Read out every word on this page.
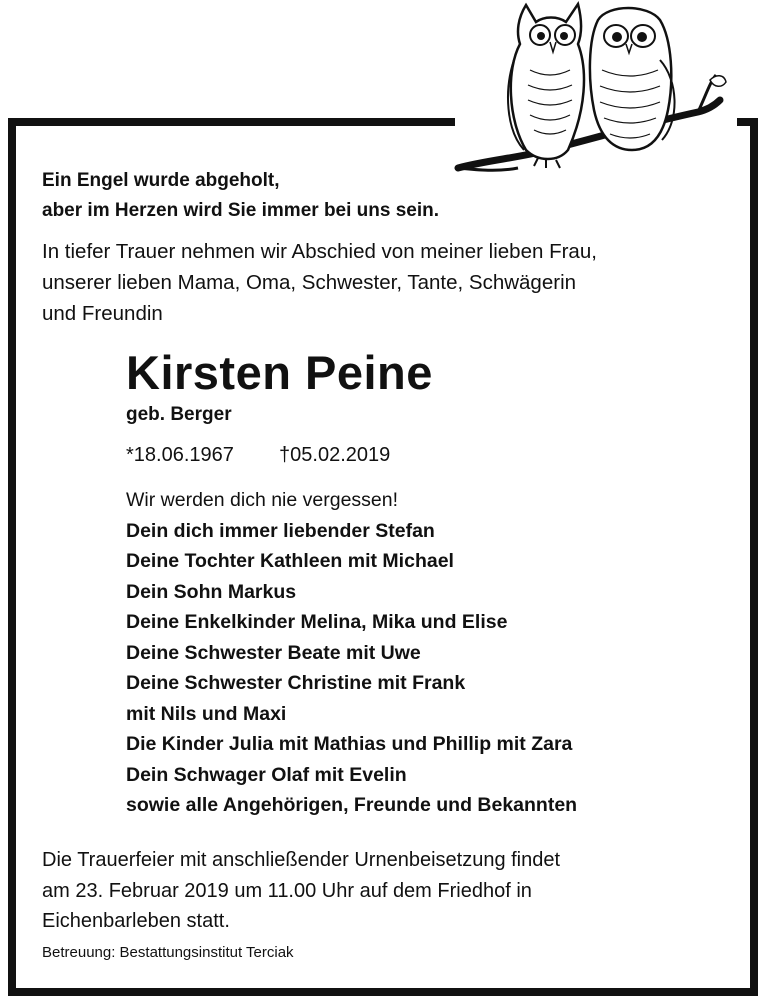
Ein Engel wurde abgeholt,
aber im Herzen wird Sie immer bei uns sein.
In tiefer Trauer nehmen wir Abschied von meiner lieben Frau,
unserer lieben Mama, Oma, Schwester, Tante, Schwägerin
und Freundin
Kirsten Peine
geb. Berger
*18.06.1967 †05.02.2019
Wir werden dich nie vergessen!
Dein dich immer liebender Stefan
Deine Tochter Kathleen mit Michael
Dein Sohn Markus
Deine Enkelkinder Melina, Mika und Elise
Deine Schwester Beate mit Uwe
Deine Schwester Christine mit Frank
mit Nils und Maxi
Die Kinder Julia mit Mathias und Phillip mit Zara
Dein Schwager Olaf mit Evelin
sowie alle Angehörigen, Freunde und Bekannten
Die Trauerfeier mit anschließender Urnenbeisetzung findet
am 23. Februar 2019 um 11.00 Uhr auf dem Friedhof in
Eichenbarleben statt.
Betreuung: Bestattungsinstitut Terciak
